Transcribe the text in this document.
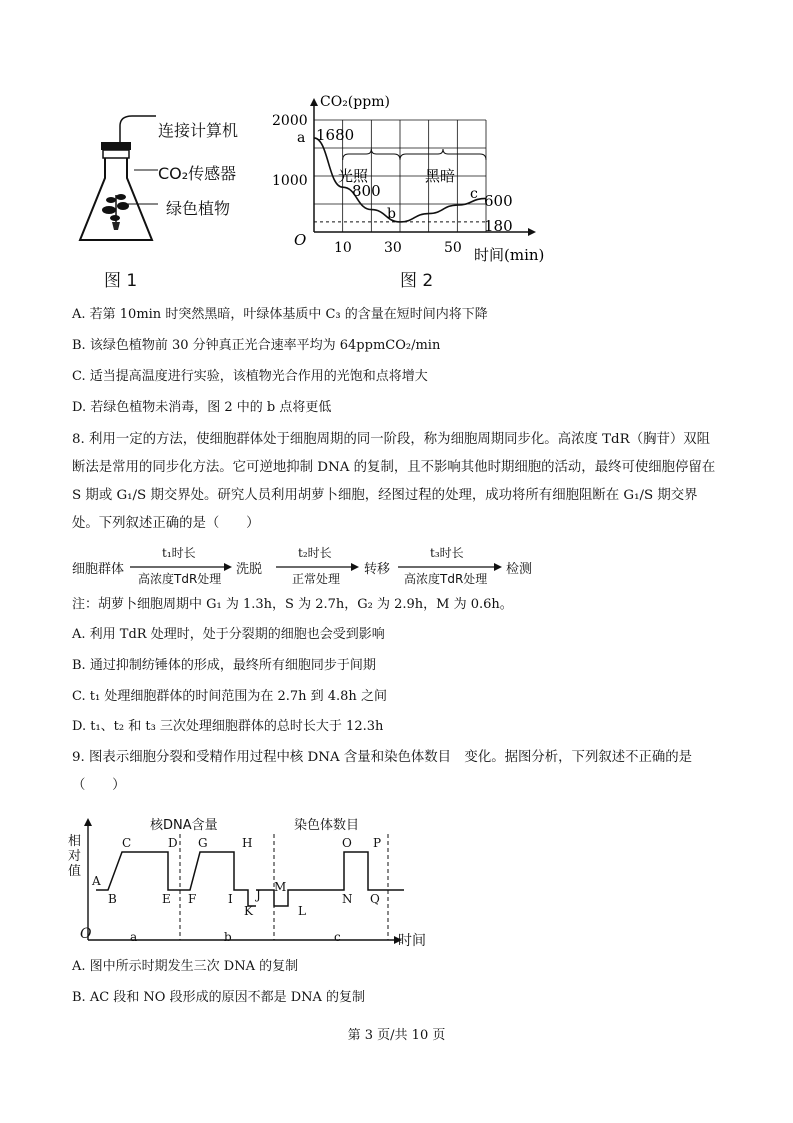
连接计算机
CO₂传感器
绿色植物
图 1
CO₂(ppm)
2000
1000
O 10 30	50 时间(min)
a 1680
光照	黑暗
800
b
c 600
180
图 2
A. 若第 10min 时突然黑暗，叶绿体基质中 C₃ 的含量在短时间内将下降
B. 该绿色植物前 30 分钟真正光合速率平均为 64ppmCO₂/min
C. 适当提高温度进行实验，该植物光合作用的光饱和点将增大
D. 若绿色植物未消毒，图 2 中的 b 点将更低
8. 利用一定的方法，使细胞群体处于细胞周期的同一阶段，称为细胞周期同步化。高浓度 TdR（胸苷）双阻断法是常用的同步化方法。它可逆地抑制 DNA 的复制，且不影响其他时期细胞的活动，最终可使细胞停留在 S 期或 G₁/S 期交界处。研究人员利用胡萝卜细胞，经图过程的处理，成功将所有细胞阻断在 G₁/S 期交界处。下列叙述正确的是（　　）
细胞群体
t₁时长
高浓度TdR处理
洗脱
t₂时长
正常处理
转移
t₃时长
高浓度TdR处理
检测
注：胡萝卜细胞周期中 G₁ 为 1.3h，S 为 2.7h，G₂ 为 2.9h，M 为 0.6h。
A. 利用 TdR 处理时，处于分裂期的细胞也会受到影响
B. 通过抑制纺锤体的形成，最终所有细胞同步于间期
C. t₁ 处理细胞群体的时间范围为在 2.7h 到 4.8h 之间
D. t₁、t₂ 和 t₃ 三次处理细胞群体的总时长大于 12.3h
9. 图表示细胞分裂和受精作用过程中核 DNA 含量和染色体数目　变化。据图分析，下列叙述不正确的是（　　）
相对值
O	时间
核DNA含量	染色体数目
A
B
C	D
E F
G	H
I J
K	L
M
N
O P
Q
a	b	c
A. 图中所示时期发生三次 DNA 的复制
B. AC 段和 NO 段形成的原因不都是 DNA 的复制
第 3 页/共 10 页
